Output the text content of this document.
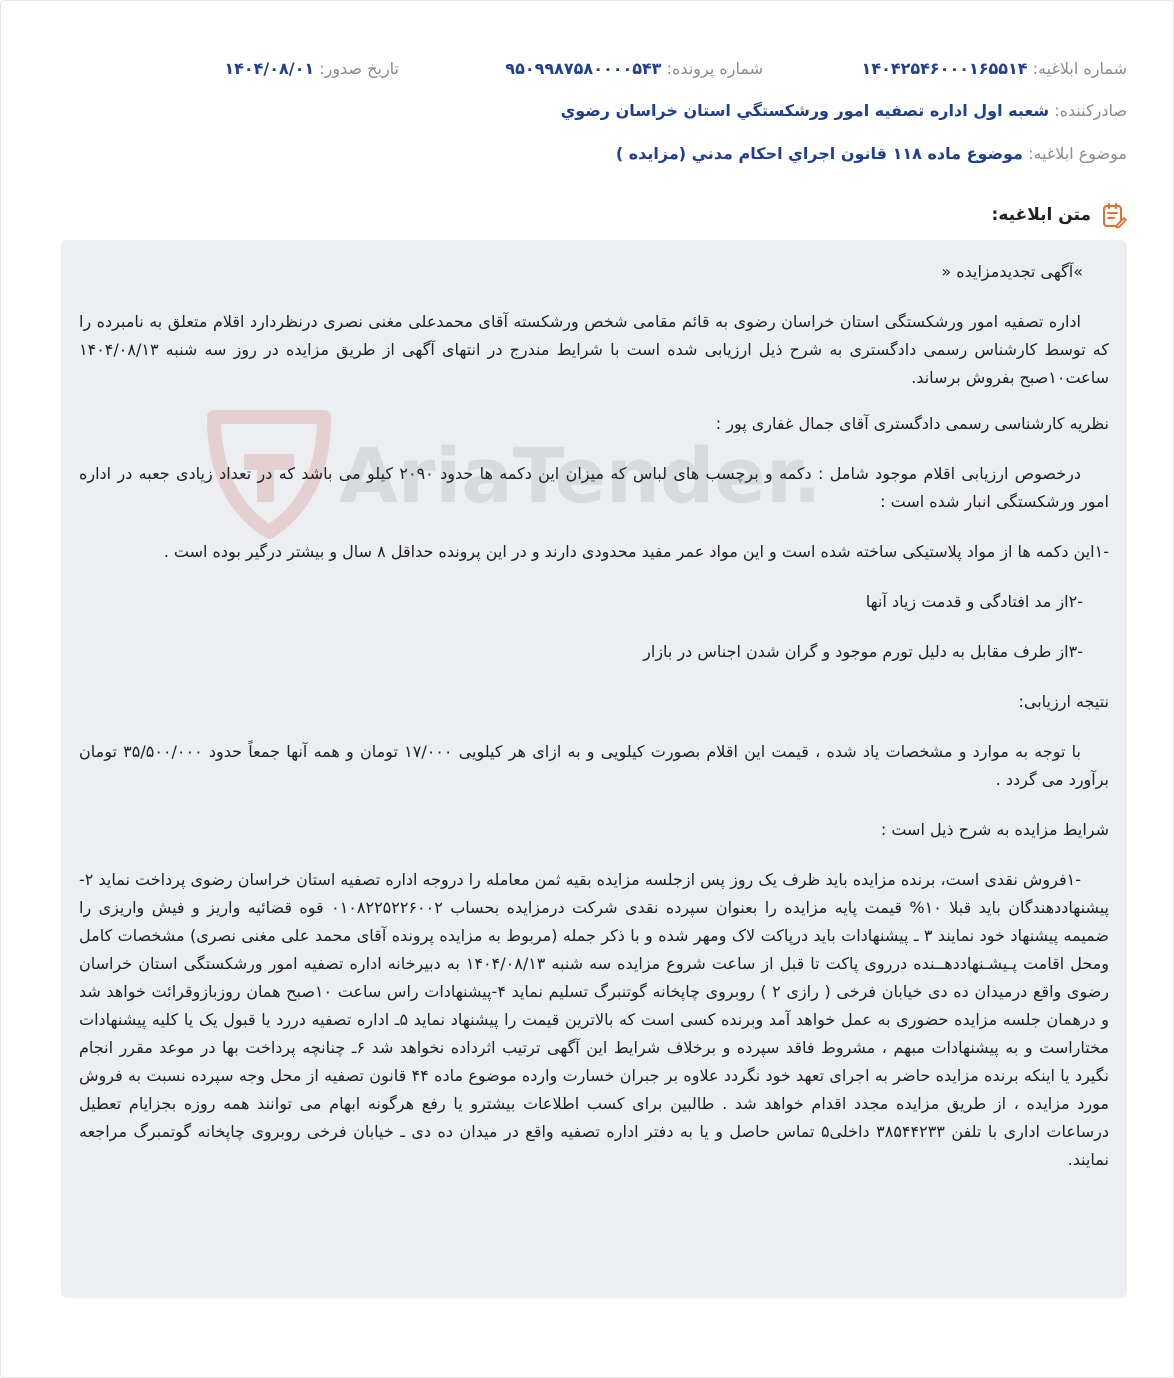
شماره ابلاغیه: ۱۴۰۴۲۵۴۶۰۰۰۱۶۵۵۱۴
شماره پرونده: ۹۵۰۹۹۸۷۵۸۰۰۰۰۵۴۳
تاریخ صدور: ۱۴۰۴/۰۸/۰۱
صادرکننده: شعبه اول اداره تصفيه امور ورشكستگي استان خراسان رضوي
موضوع ابلاغیه: موضوع ماده ۱۱۸ قانون اجراي احكام مدني (مزايده )
متن ابلاغیه:
AriaTender.

»آگهی تجدیدمزایده «

اداره تصفیه امور ورشکستگی استان خراسان رضوی به قائم مقامی شخص ورشکسته آقای محمدعلی مغنی نصری درنظردارد اقلام متعلق به نامبرده را که توسط کارشناس رسمی دادگستری به شرح ذیل ارزیابی شده است با شرایط مندرج در انتهای آگهی از طریق مزایده در روز سه شنبه ۱۴۰۴/۰۸/۱۳ ساعت۱۰صبح بفروش برساند.

نظریه کارشناسی رسمی دادگستری آقای جمال غفاری پور :

درخصوص ارزیابی اقلام موجود شامل : دکمه و برچسب های لباس که میزان این دکمه ها حدود ۲۰۹۰ کیلو می باشد که در تعداد زیادی جعبه در اداره امور ورشکستگی انبار شده است :

-۱این دکمه ها از مواد پلاستیکی ساخته شده است و این مواد عمر مفید محدودی دارند و در این پرونده حداقل ۸ سال و بیشتر درگیر بوده است .

-۲از مد افتادگی و قدمت زیاد آنها

-۳از طرف مقابل به دلیل تورم موجود و گران شدن اجناس در بازار

نتیجه ارزیابی:

با توجه به موارد و مشخصات یاد شده ، قیمت این اقلام بصورت کیلویی و به ازای هر کیلویی ۱۷/۰۰۰ تومان و همه آنها جمعاً حدود ۳۵/۵۰۰/۰۰۰ تومان برآورد می گردد .

شرایط مزایده به شرح ذیل است :

-۱فروش نقدی است، برنده مزایده باید ظرف یک روز پس ازجلسه مزایده بقیه ثمن معامله را دروجه اداره تصفیه استان خراسان رضوی پرداخت نماید ۲- پیشنهاددهندگان باید قبلا ۱۰% قیمت پایه مزایده را بعنوان سپرده نقدی شرکت درمزایده بحساب ۰۱۰۸۲۲۵۲۲۶۰۰۲ قوه قضائیه واریز و فیش واریزی را ضمیمه پیشنهاد خود نمایند ۳ ـ پیشنهادات باید درپاکت لاک ومهر شده و با ذکر جمله (مربوط به مزایده پرونده آقای محمد علی مغنی نصری) مشخصات کامل ومحل اقامت پـیشـنهاددهــنده درروی پاکت تا قبل از ساعت شروع مزایده سه شنبه ۱۴۰۴/۰۸/۱۳ به دبیرخانه اداره تصفیه امور ورشکستگی استان خراسان رضوی واقع درمیدان ده دی خیابان فرخی ( رازی ۲ ) روبروی چاپخانه گوتنبرگ تسلیم نماید ۴-پیشنهادات راس ساعت ۱۰صبح همان روزبازوقرائت خواهد شد و درهمان جلسه مزایده حضوری به عمل خواهد آمد وبرنده کسی است که بالاترین قیمت را پیشنهاد نماید ۵ـ اداره تصفیه دررد یا قبول یک یا کلیه پیشنهادات مختاراست و به پیشنهادات مبهم ، مشروط فاقد سپرده و برخلاف شرایط این آگهی ترتیب اثرداده نخواهد شد ۶ـ چنانچه پرداخت بها در موعد مقرر انجام نگیرد یا اینکه برنده مزایده حاضر به اجرای تعهد خود نگردد علاوه بر جبران خسارت وارده موضوع ماده ۴۴ قانون تصفیه از محل وجه سپرده نسبت به فروش مورد مزایده ، از طریق مزایده مجدد اقدام خواهد شد . طالبین برای کسب اطلاعات بیشترو یا رفع هرگونه ابهام می توانند همه روزه بجزایام تعطیل درساعات اداری با تلفن ۳۸۵۴۴۲۳۳ داخلی۵ تماس حاصل و یا به دفتر اداره تصفیه واقع در میدان ده دی ـ خیابان فرخی روبروی چاپخانه گوتمبرگ مراجعه نمایند.
